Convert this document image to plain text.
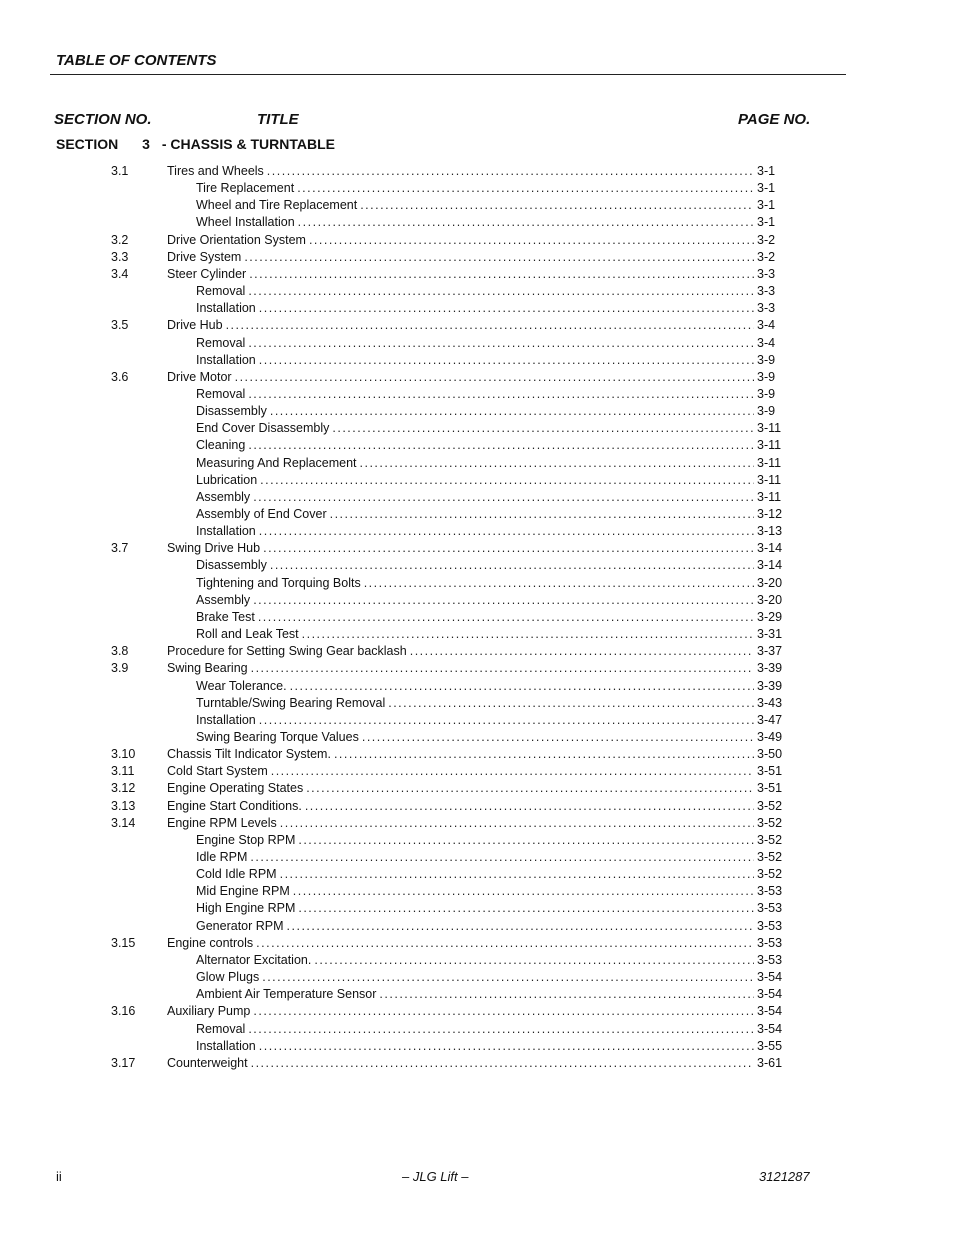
TABLE OF CONTENTS
SECTION NO.	TITLE	PAGE NO.
SECTION 3 - CHASSIS & TURNTABLE
3.1	Tires and Wheels .....	3-1
Tire Replacement .....	3-1
Wheel and Tire Replacement .....	3-1
Wheel Installation .....	3-1
3.2	Drive Orientation System .....	3-2
3.3	Drive System .....	3-2
3.4	Steer Cylinder .....	3-3
Removal .....	3-3
Installation .....	3-3
3.5	Drive Hub .....	3-4
Removal .....	3-4
Installation .....	3-9
3.6	Drive Motor .....	3-9
Removal .....	3-9
Disassembly .....	3-9
End Cover Disassembly .....	3-11
Cleaning .....	3-11
Measuring And Replacement .....	3-11
Lubrication .....	3-11
Assembly .....	3-11
Assembly of End Cover .....	3-12
Installation .....	3-13
3.7	Swing Drive Hub .....	3-14
Disassembly .....	3-14
Tightening and Torquing Bolts .....	3-20
Assembly .....	3-20
Brake Test .....	3-29
Roll and Leak Test .....	3-31
3.8	Procedure for Setting Swing Gear backlash .....	3-37
3.9	Swing Bearing .....	3-39
Wear Tolerance. .....	3-39
Turntable/Swing Bearing Removal .....	3-43
Installation .....	3-47
Swing Bearing Torque Values .....	3-49
3.10	Chassis Tilt Indicator System. .....	3-50
3.11	Cold Start System .....	3-51
3.12	Engine Operating States .....	3-51
3.13	Engine Start Conditions. .....	3-52
3.14	Engine RPM Levels .....	3-52
Engine Stop RPM .....	3-52
Idle RPM .....	3-52
Cold Idle RPM .....	3-52
Mid Engine RPM .....	3-53
High Engine RPM .....	3-53
Generator RPM .....	3-53
3.15	Engine controls .....	3-53
Alternator Excitation. .....	3-53
Glow Plugs .....	3-54
Ambient Air Temperature Sensor .....	3-54
3.16	Auxiliary Pump .....	3-54
Removal .....	3-54
Installation .....	3-55
3.17	Counterweight .....	3-61
ii	– JLG Lift –	3121287
